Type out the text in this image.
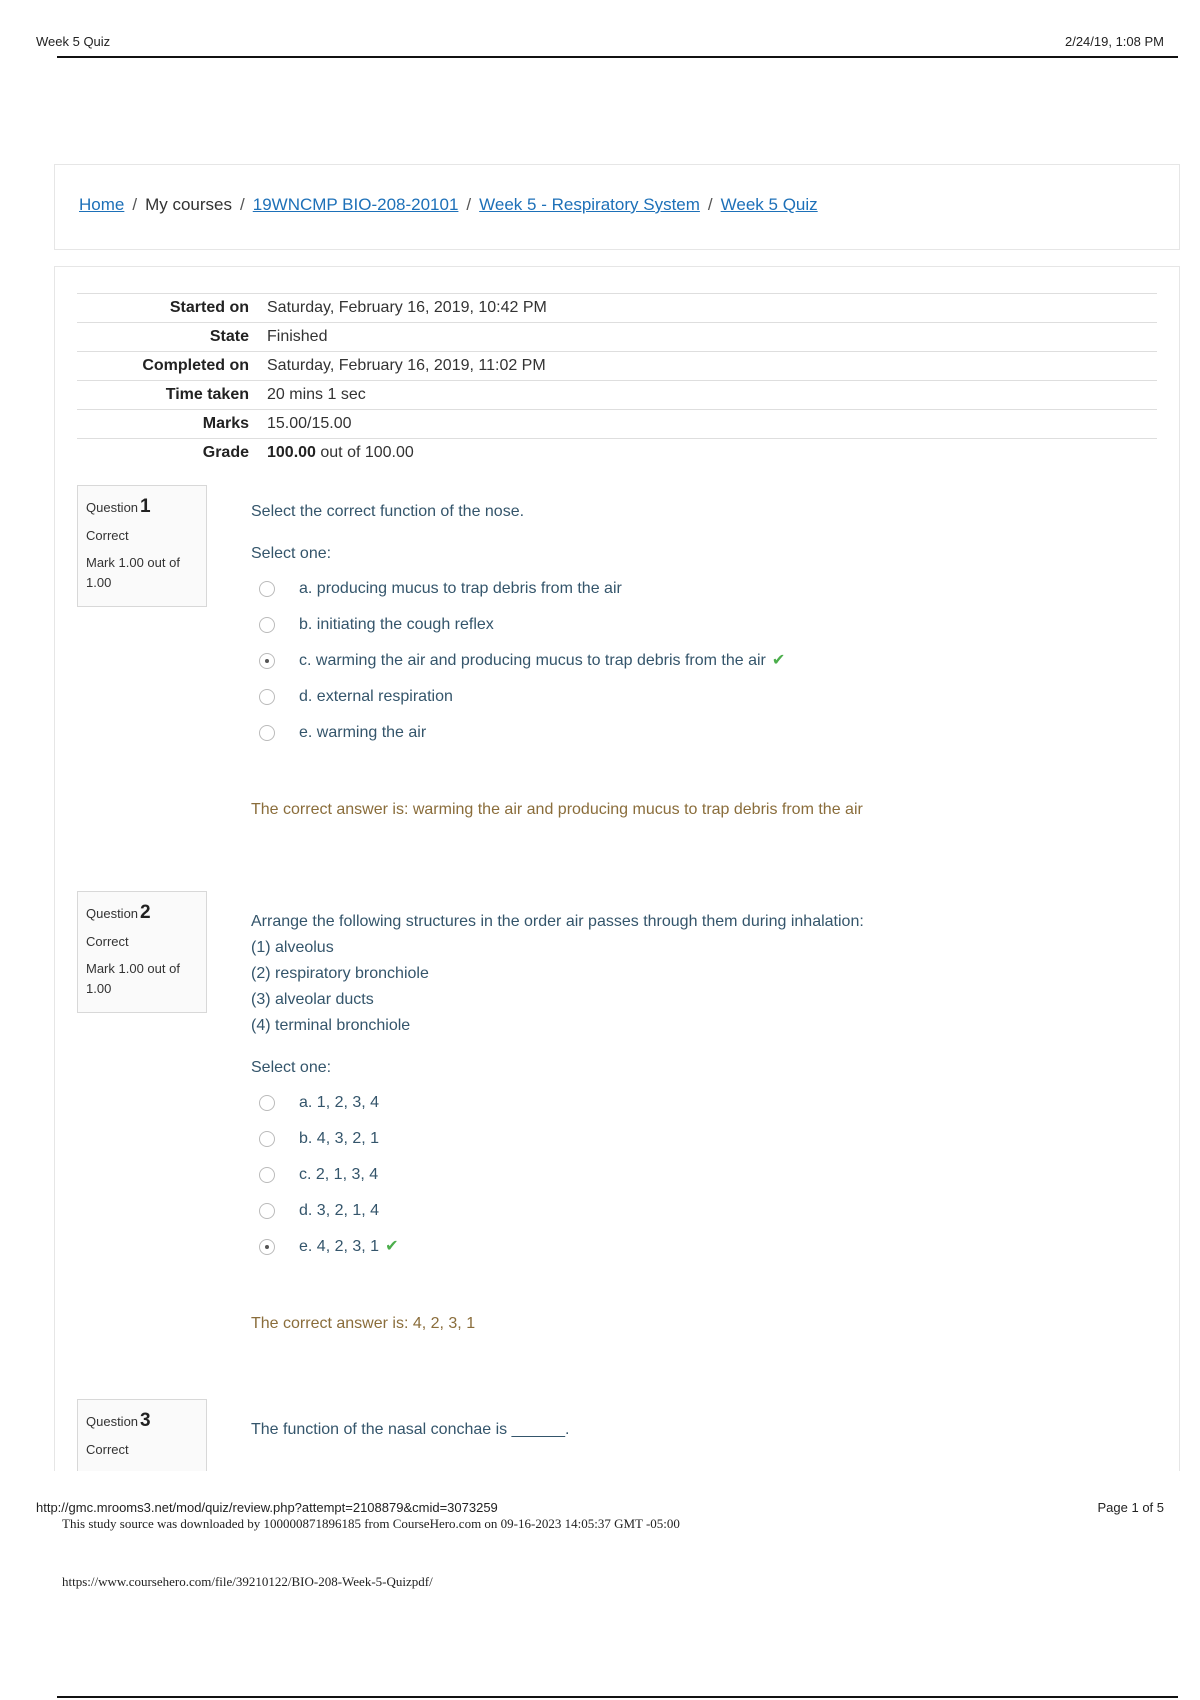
Week 5 Quiz	2/24/19, 1:08 PM
Home / My courses / 19WNCMP BIO-208-20101 / Week 5 - Respiratory System / Week 5 Quiz
Started on	Saturday, February 16, 2019, 10:42 PM
State	Finished
Completed on	Saturday, February 16, 2019, 11:02 PM
Time taken	20 mins 1 sec
Marks	15.00/15.00
Grade	100.00 out of 100.00
Question 1
Correct
Mark 1.00 out of 1.00
Select the correct function of the nose.
Select one:
a. producing mucus to trap debris from the air
b. initiating the cough reflex
c. warming the air and producing mucus to trap debris from the air ✔
d. external respiration
e. warming the air
The correct answer is: warming the air and producing mucus to trap debris from the air
Question 2
Correct
Mark 1.00 out of 1.00
Arrange the following structures in the order air passes through them during inhalation:
(1) alveolus
(2) respiratory bronchiole
(3) alveolar ducts
(4) terminal bronchiole
Select one:
a. 1, 2, 3, 4
b. 4, 3, 2, 1
c. 2, 1, 3, 4
d. 3, 2, 1, 4
e. 4, 2, 3, 1 ✔
The correct answer is: 4, 2, 3, 1
Question 3
Correct
The function of the nasal conchae is ______.
http://gmc.mrooms3.net/mod/quiz/review.php?attempt=2108879&cmid=3073259	Page 1 of 5
This study source was downloaded by 100000871896185 from CourseHero.com on 09-16-2023 14:05:37 GMT -05:00
https://www.coursehero.com/file/39210122/BIO-208-Week-5-Quizpdf/
